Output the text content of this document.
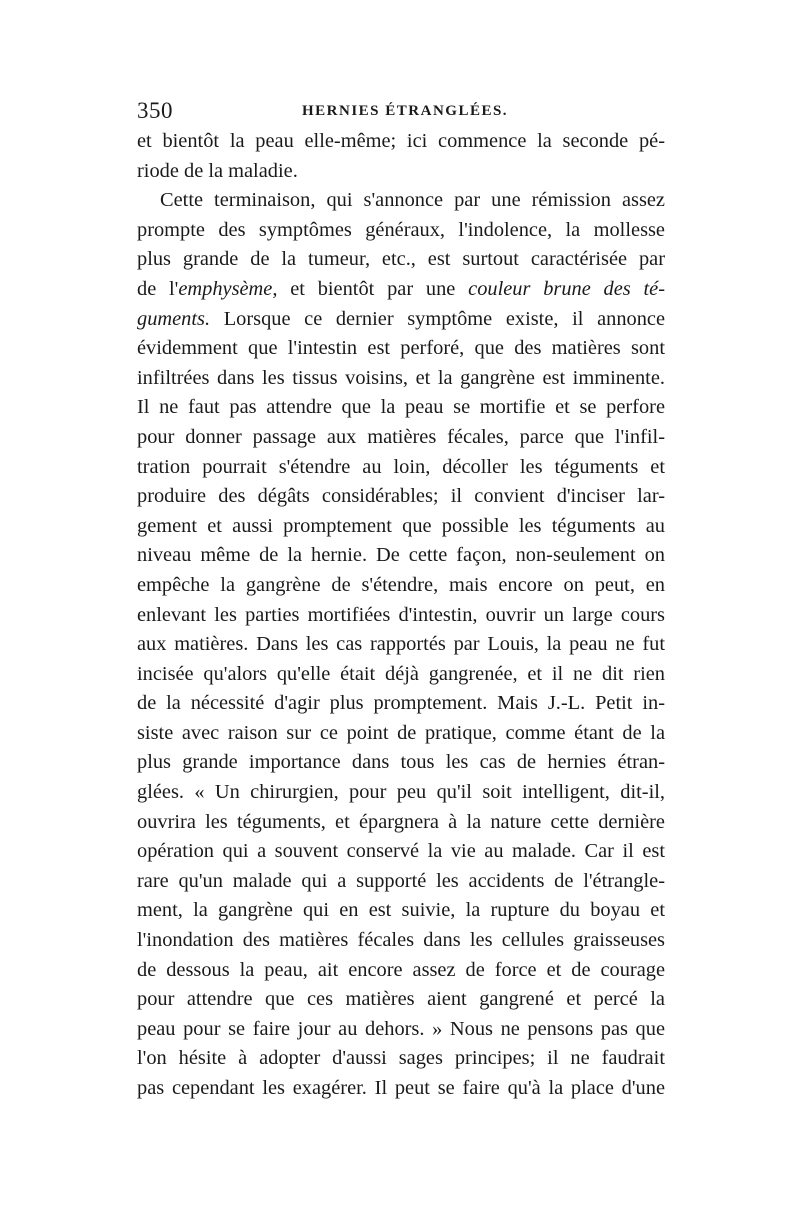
350	HERNIES ÉTRANGLÉES.
et bientôt la peau elle-même; ici commence la seconde pé-
riode de la maladie.
Cette terminaison, qui s'annonce par une rémission assez
prompte des symptômes généraux, l'indolence, la mollesse
plus grande de la tumeur, etc., est surtout caractérisée par
de l'emphysème, et bientôt par une couleur brune des té-
guments. Lorsque ce dernier symptôme existe, il annonce
évidemment que l'intestin est perforé, que des matières sont
infiltrées dans les tissus voisins, et la gangrène est imminente.
Il ne faut pas attendre que la peau se mortifie et se perfore
pour donner passage aux matières fécales, parce que l'infil-
tration pourrait s'étendre au loin, décoller les téguments et
produire des dégâts considérables; il convient d'inciser lar-
gement et aussi promptement que possible les téguments au
niveau même de la hernie. De cette façon, non-seulement on
empêche la gangrène de s'étendre, mais encore on peut, en
enlevant les parties mortifiées d'intestin, ouvrir un large cours
aux matières. Dans les cas rapportés par Louis, la peau ne fut
incisée qu'alors qu'elle était déjà gangrenée, et il ne dit rien
de la nécessité d'agir plus promptement. Mais J.-L. Petit in-
siste avec raison sur ce point de pratique, comme étant de la
plus grande importance dans tous les cas de hernies étran-
glées. « Un chirurgien, pour peu qu'il soit intelligent, dit-il,
ouvrira les téguments, et épargnera à la nature cette dernière
opération qui a souvent conservé la vie au malade. Car il est
rare qu'un malade qui a supporté les accidents de l'étrangle-
ment, la gangrène qui en est suivie, la rupture du boyau et
l'inondation des matières fécales dans les cellules graisseuses
de dessous la peau, ait encore assez de force et de courage
pour attendre que ces matières aient gangrené et percé la
peau pour se faire jour au dehors. » Nous ne pensons pas que
l'on hésite à adopter d'aussi sages principes; il ne faudrait
pas cependant les exagérer. Il peut se faire qu'à la place d'une
